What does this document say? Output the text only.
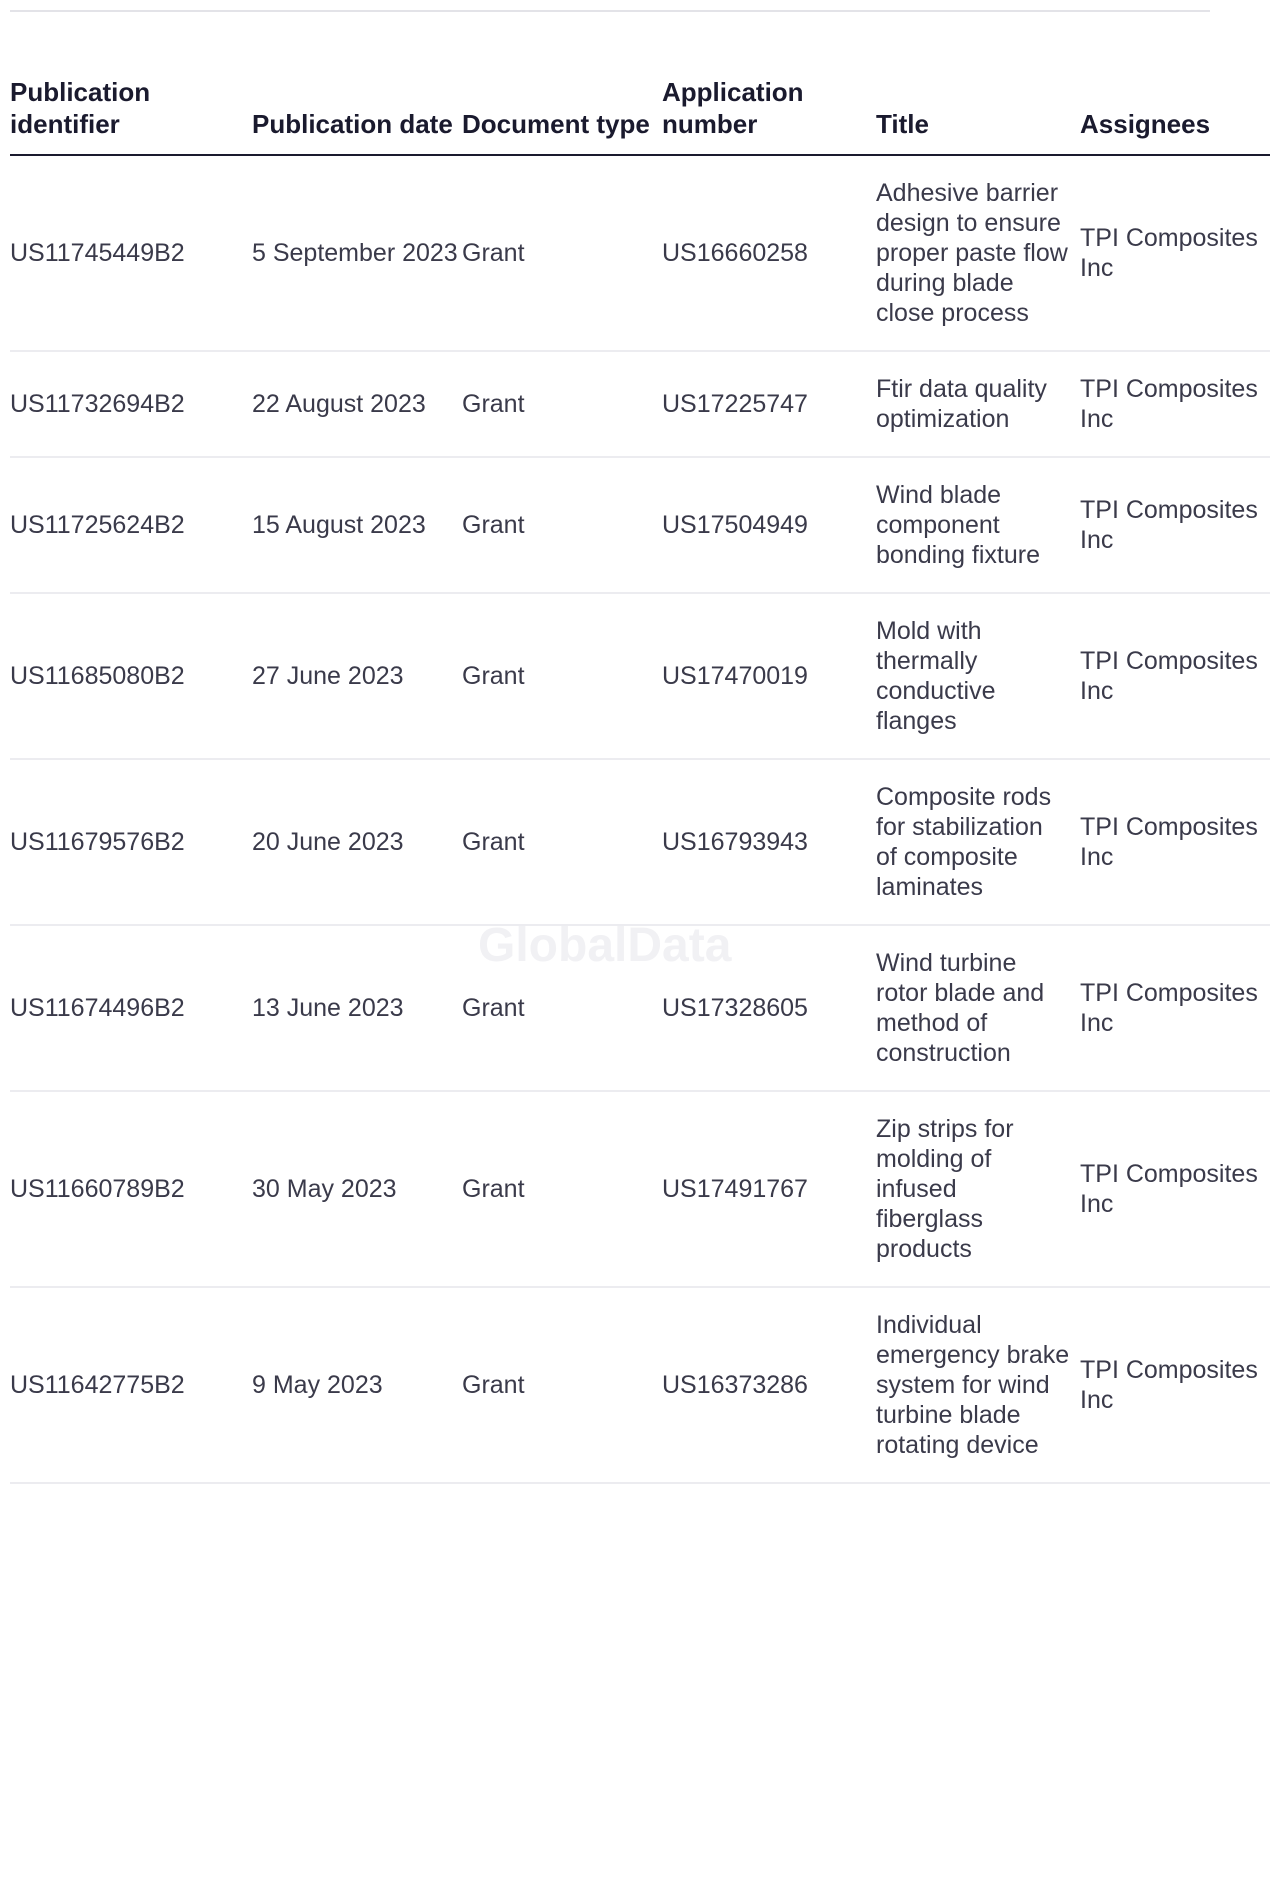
Publication identifier	Publication date	Document type	Application number	Title	Assignees
US11745449B2	5 September 2023	Grant	US16660258	Adhesive barrier design to ensure proper paste flow during blade close process	TPI Composites Inc
US11732694B2	22 August 2023	Grant	US17225747	Ftir data quality optimization	TPI Composites Inc
US11725624B2	15 August 2023	Grant	US17504949	Wind blade component bonding fixture	TPI Composites Inc
US11685080B2	27 June 2023	Grant	US17470019	Mold with thermally conductive flanges	TPI Composites Inc
US11679576B2	20 June 2023	Grant	US16793943	Composite rods for stabilization of composite laminates	TPI Composites Inc
US11674496B2	13 June 2023	Grant	US17328605	Wind turbine rotor blade and method of construction	TPI Composites Inc
US11660789B2	30 May 2023	Grant	US17491767	Zip strips for molding of infused fiberglass products	TPI Composites Inc
US11642775B2	9 May 2023	Grant	US16373286	Individual emergency brake system for wind turbine blade rotating device	TPI Composites Inc
GlobalData
